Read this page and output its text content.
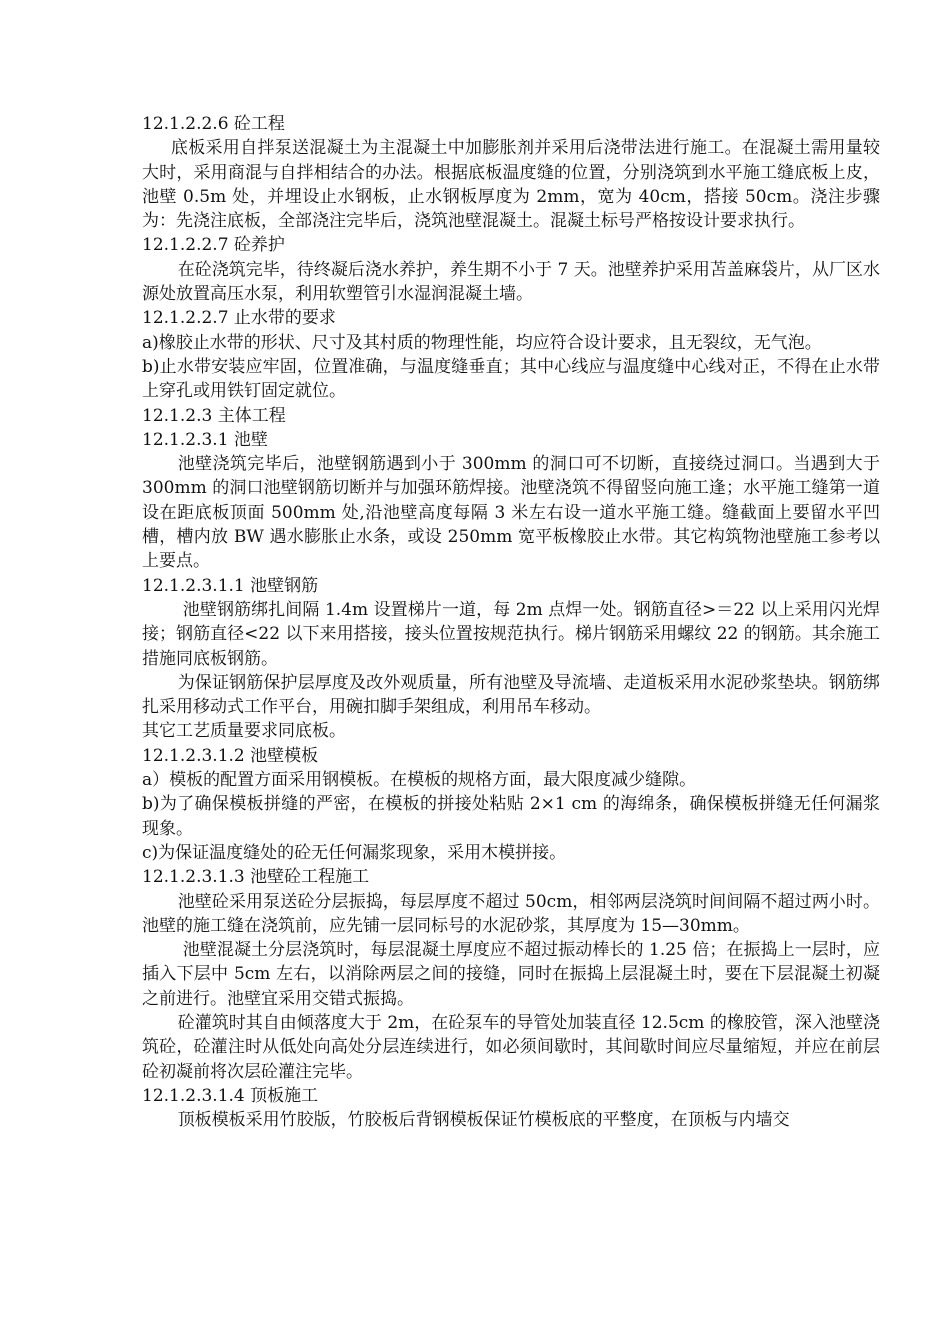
12.1.2.2.6 砼工程

底板采用自拌泵送混凝土为主混凝土中加膨胀剂并采用后浇带法进行施工。在混凝土需用量较大时，采用商混与自拌相结合的办法。根据底板温度缝的位置，分别浇筑到水平施工缝底板上皮，池壁 0.5m 处，并埋设止水钢板，止水钢板厚度为 2mm，宽为 40cm，搭接 50cm。浇注步骤为：先浇注底板，全部浇注完毕后，浇筑池壁混凝土。混凝土标号严格按设计要求执行。

12.1.2.2.7 砼养护

在砼浇筑完毕，待终凝后浇水养护，养生期不小于 7 天。池壁养护采用苫盖麻袋片，从厂区水源处放置高压水泵，利用软塑管引水湿润混凝土墙。

12.1.2.2.7 止水带的要求

a)橡胶止水带的形状、尺寸及其村质的物理性能，均应符合设计要求，且无裂纹，无气泡。

b)止水带安装应牢固，位置准确，与温度缝垂直；其中心线应与温度缝中心线对正，不得在止水带上穿孔或用铁钉固定就位。

12.1.2.3 主体工程

12.1.2.3.1 池壁

池壁浇筑完毕后，池壁钢筋遇到小于 300mm 的洞口可不切断，直接绕过洞口。当遇到大于 300mm 的洞口池壁钢筋切断并与加强环筋焊接。池壁浇筑不得留竖向施工逢；水平施工缝第一道设在距底板顶面 500mm 处,沿池壁高度每隔 3 米左右设一道水平施工缝。缝截面上要留水平凹槽，槽内放 BW 遇水膨胀止水条，或设 250mm 宽平板橡胶止水带。其它构筑物池壁施工参考以上要点。

12.1.2.3.1.1 池壁钢筋

池壁钢筋绑扎间隔 1.4m 设置梯片一道，每 2m 点焊一处。钢筋直径>＝22 以上采用闪光焊接；钢筋直径<22 以下来用搭接，接头位置按规范执行。梯片钢筋采用螺纹 22 的钢筋。其余施工措施同底板钢筋。

为保证钢筋保护层厚度及改外观质量，所有池壁及导流墙、走道板采用水泥砂浆垫块。钢筋绑扎采用移动式工作平台，用碗扣脚手架组成，利用吊车移动。

其它工艺质量要求同底板。

12.1.2.3.1.2 池壁模板

a）模板的配置方面采用钢模板。在模板的规格方面，最大限度减少缝隙。

b)为了确保模板拼缝的严密，在模板的拼接处粘贴 2×1 cm 的海绵条，确保模板拼缝无任何漏浆现象。

c)为保证温度缝处的砼无任何漏浆现象，采用木模拼接。

12.1.2.3.1.3 池壁砼工程施工

池壁砼采用泵送砼分层振捣，每层厚度不超过 50cm，相邻两层浇筑时间间隔不超过两小时。池壁的施工缝在浇筑前，应先铺一层同标号的水泥砂浆，其厚度为 15—30mm。

池壁混凝土分层浇筑时，每层混凝土厚度应不超过振动棒长的 1.25 倍；在振捣上一层时，应插入下层中 5cm 左右，以消除两层之间的接缝，同时在振捣上层混凝土时，要在下层混凝土初凝之前进行。池壁宜采用交错式振捣。

砼灌筑时其自由倾落度大于 2m，在砼泵车的导管处加装直径 12.5cm 的橡胶管，深入池壁浇筑砼，砼灌注时从低处向高处分层连续进行，如必须间歇时，其间歇时间应尽量缩短，并应在前层砼初凝前将次层砼灌注完毕。

12.1.2.3.1.4 顶板施工

顶板模板采用竹胶版，竹胶板后背钢模板保证竹模板底的平整度，在顶板与内墙交
